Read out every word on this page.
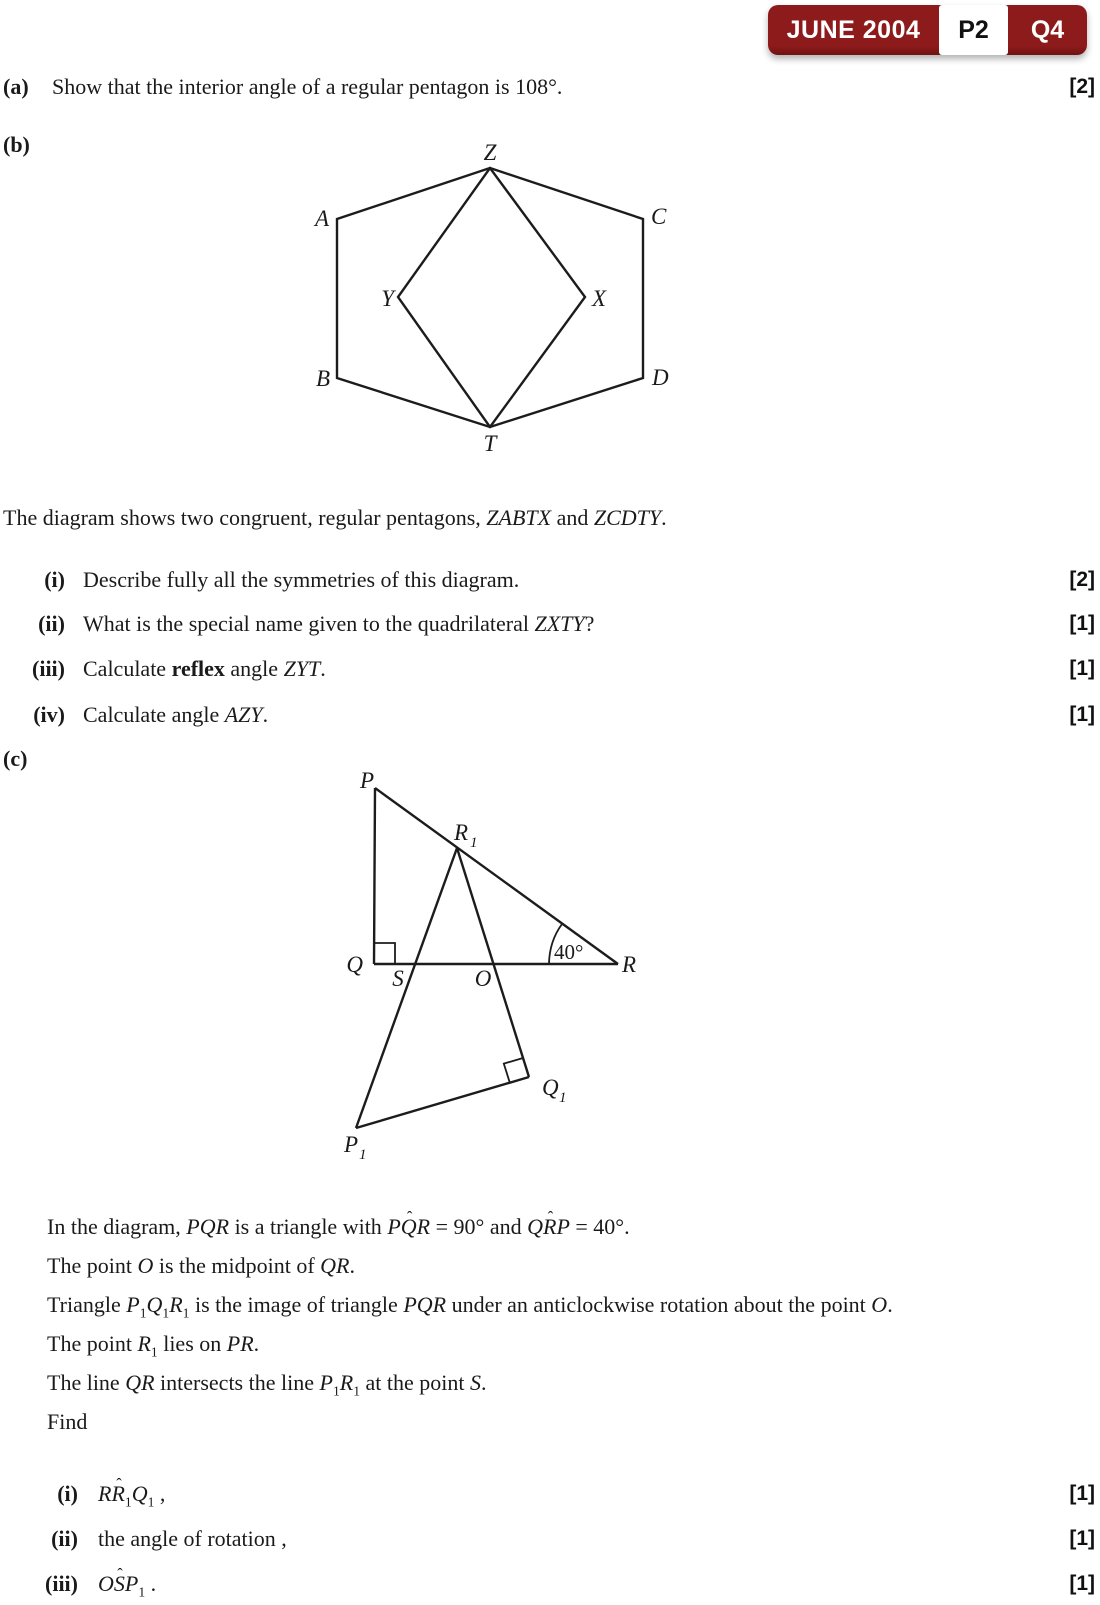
JUNE 2004	P2	Q4
(a) Show that the interior angle of a regular pentagon is 108°.	[2]
(b)	Z
A	C
Y	X
B	D
T
The diagram shows two congruent, regular pentagons, ZABTX and ZCDTY.
(i) Describe fully all the symmetries of this diagram.	[2]
(ii) What is the special name given to the quadrilateral ZXTY?	[1]
(iii) Calculate reflex angle ZYT.	[1]
(iv) Calculate angle AZY.	[1]
(c)
P
Q	R
S	O
R 1
Q 1
P 1
40°
In the diagram, PQR is a triangle with PQ ˆR = 90° and QR ˆP = 40°.
The point O is the midpoint of QR.
Triangle $P_1Q_1R_1$ is the image of triangle PQR under an anticlockwise rotation about the point O.
The point $R_1$ lies on PR.
The line QR intersects the line $P_1R_1$ at the point S.
Find
(i) RR $ˆ_1Q_1$ ,	[1]
(ii) the angle of rotation ,	[1]
(iii) OS ˆP$_1$ .	[1]
